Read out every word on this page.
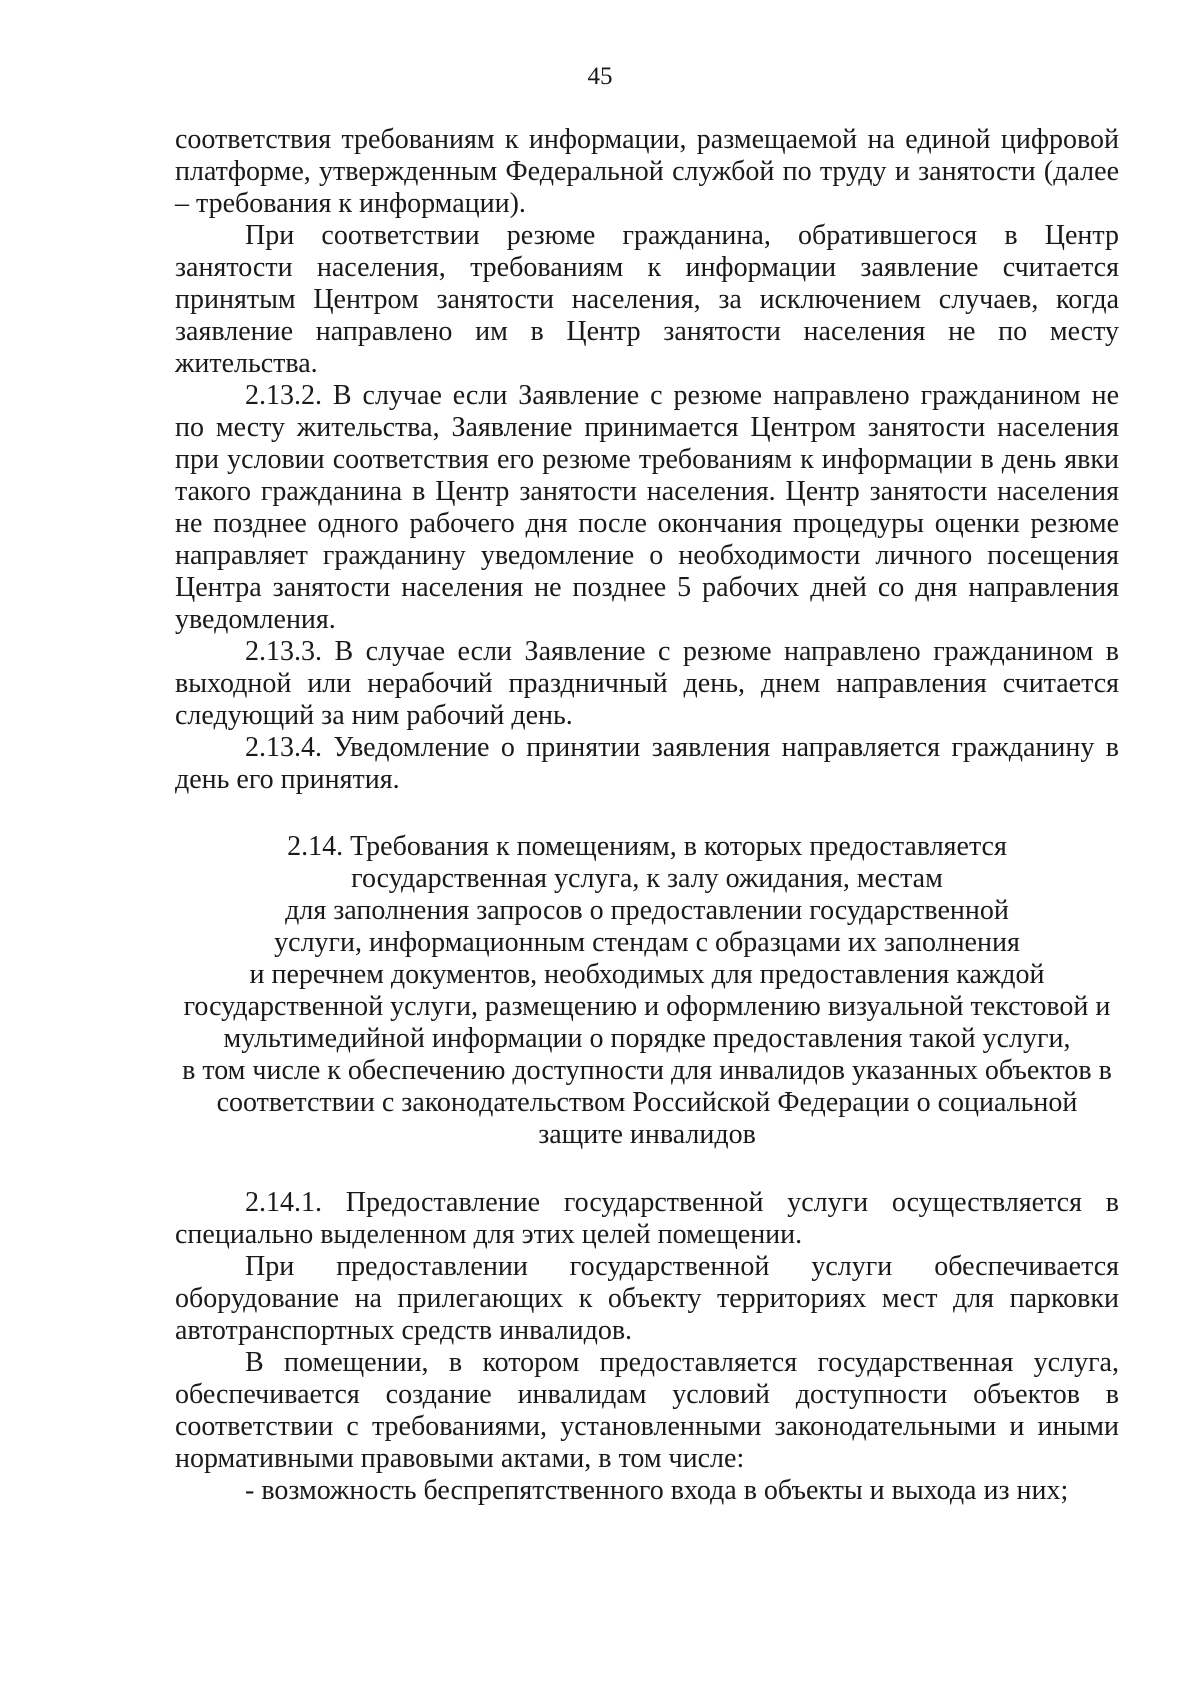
45

соответствия требованиям к информации, размещаемой на единой цифровой платформе, утвержденным Федеральной службой по труду и занятости (далее – требования к информации).

При соответствии резюме гражданина, обратившегося в Центр занятости населения, требованиям к информации заявление считается принятым Центром занятости населения, за исключением случаев, когда заявление направлено им в Центр занятости населения не по месту жительства.

2.13.2. В случае если Заявление с резюме направлено гражданином не по месту жительства, Заявление принимается Центром занятости населения при условии соответствия его резюме требованиям к информации в день явки такого гражданина в Центр занятости населения. Центр занятости населения не позднее одного рабочего дня после окончания процедуры оценки резюме направляет гражданину уведомление о необходимости личного посещения Центра занятости населения не позднее 5 рабочих дней со дня направления уведомления.

2.13.3. В случае если Заявление с резюме направлено гражданином в выходной или нерабочий праздничный день, днем направления считается следующий за ним рабочий день.

2.13.4. Уведомление о принятии заявления направляется гражданину в день его принятия.

2.14. Требования к помещениям, в которых предоставляется
государственная услуга, к залу ожидания, местам
для заполнения запросов о предоставлении государственной
услуги, информационным стендам с образцами их заполнения
и перечнем документов, необходимых для предоставления каждой
государственной услуги, размещению и оформлению визуальной текстовой и
мультимедийной информации о порядке предоставления такой услуги,
в том числе к обеспечению доступности для инвалидов указанных объектов в
соответствии с законодательством Российской Федерации о социальной
защите инвалидов

2.14.1. Предоставление государственной услуги осуществляется в специально выделенном для этих целей помещении.

При предоставлении государственной услуги обеспечивается оборудование на прилегающих к объекту территориях мест для парковки автотранспортных средств инвалидов.

В помещении, в котором предоставляется государственная услуга, обеспечивается создание инвалидам условий доступности объектов в соответствии с требованиями, установленными законодательными и иными нормативными правовыми актами, в том числе:

- возможность беспрепятственного входа в объекты и выхода из них;
